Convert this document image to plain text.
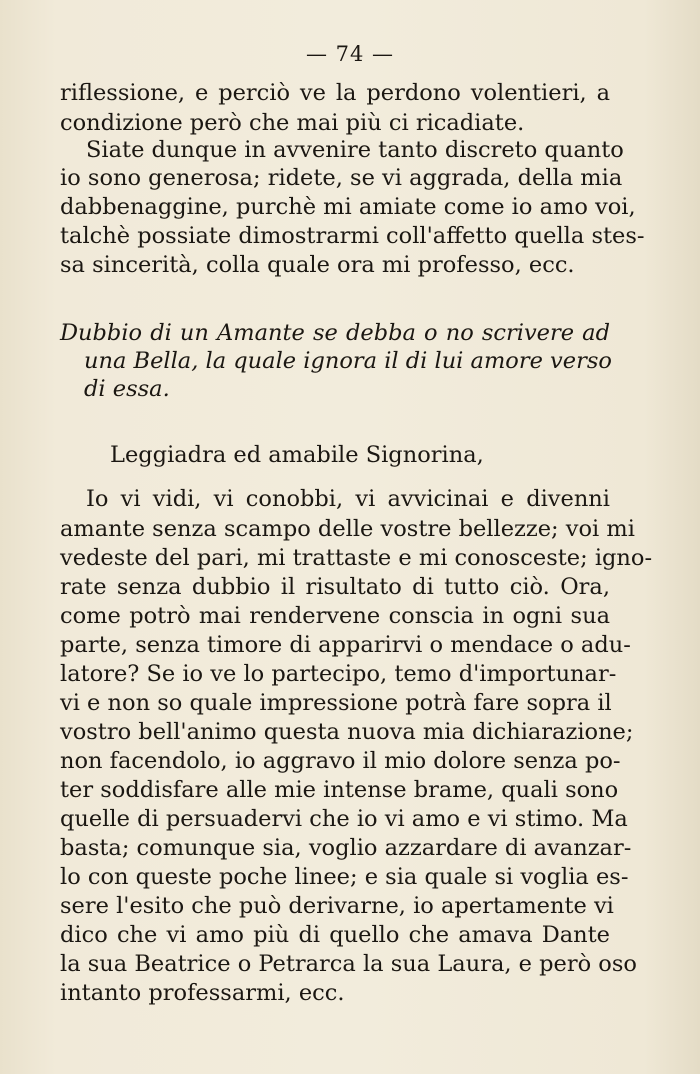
— 74 —
riflessione, e perciò ve la perdono volentieri, a
condizione però che mai più ci ricadiate.
Siate dunque in avvenire tanto discreto quanto
io sono generosa; ridete, se vi aggrada, della mia
dabbenaggine, purchè mi amiate come io amo voi,
talchè possiate dimostrarmi coll'affetto quella stes-
sa sincerità, colla quale ora mi professo, ecc.
Dubbio di un Amante se debba o no scrivere ad
una Bella, la quale ignora il di lui amore verso
di essa.
Leggiadra ed amabile Signorina,
Io vi vidi, vi conobbi, vi avvicinai e divenni
amante senza scampo delle vostre bellezze; voi mi
vedeste del pari, mi trattaste e mi conosceste; igno-
rate senza dubbio il risultato di tutto ciò. Ora,
come potrò mai rendervene conscia in ogni sua
parte, senza timore di apparirvi o mendace o adu-
latore? Se io ve lo partecipo, temo d'importunar-
vi e non so quale impressione potrà fare sopra il
vostro bell'animo questa nuova mia dichiarazione;
non facendolo, io aggravo il mio dolore senza po-
ter soddisfare alle mie intense brame, quali sono
quelle di persuadervi che io vi amo e vi stimo. Ma
basta; comunque sia, voglio azzardare di avanzar-
lo con queste poche linee; e sia quale si voglia es-
sere l'esito che può derivarne, io apertamente vi
dico che vi amo più di quello che amava Dante
la sua Beatrice o Petrarca la sua Laura, e però oso
intanto professarmi, ecc.
